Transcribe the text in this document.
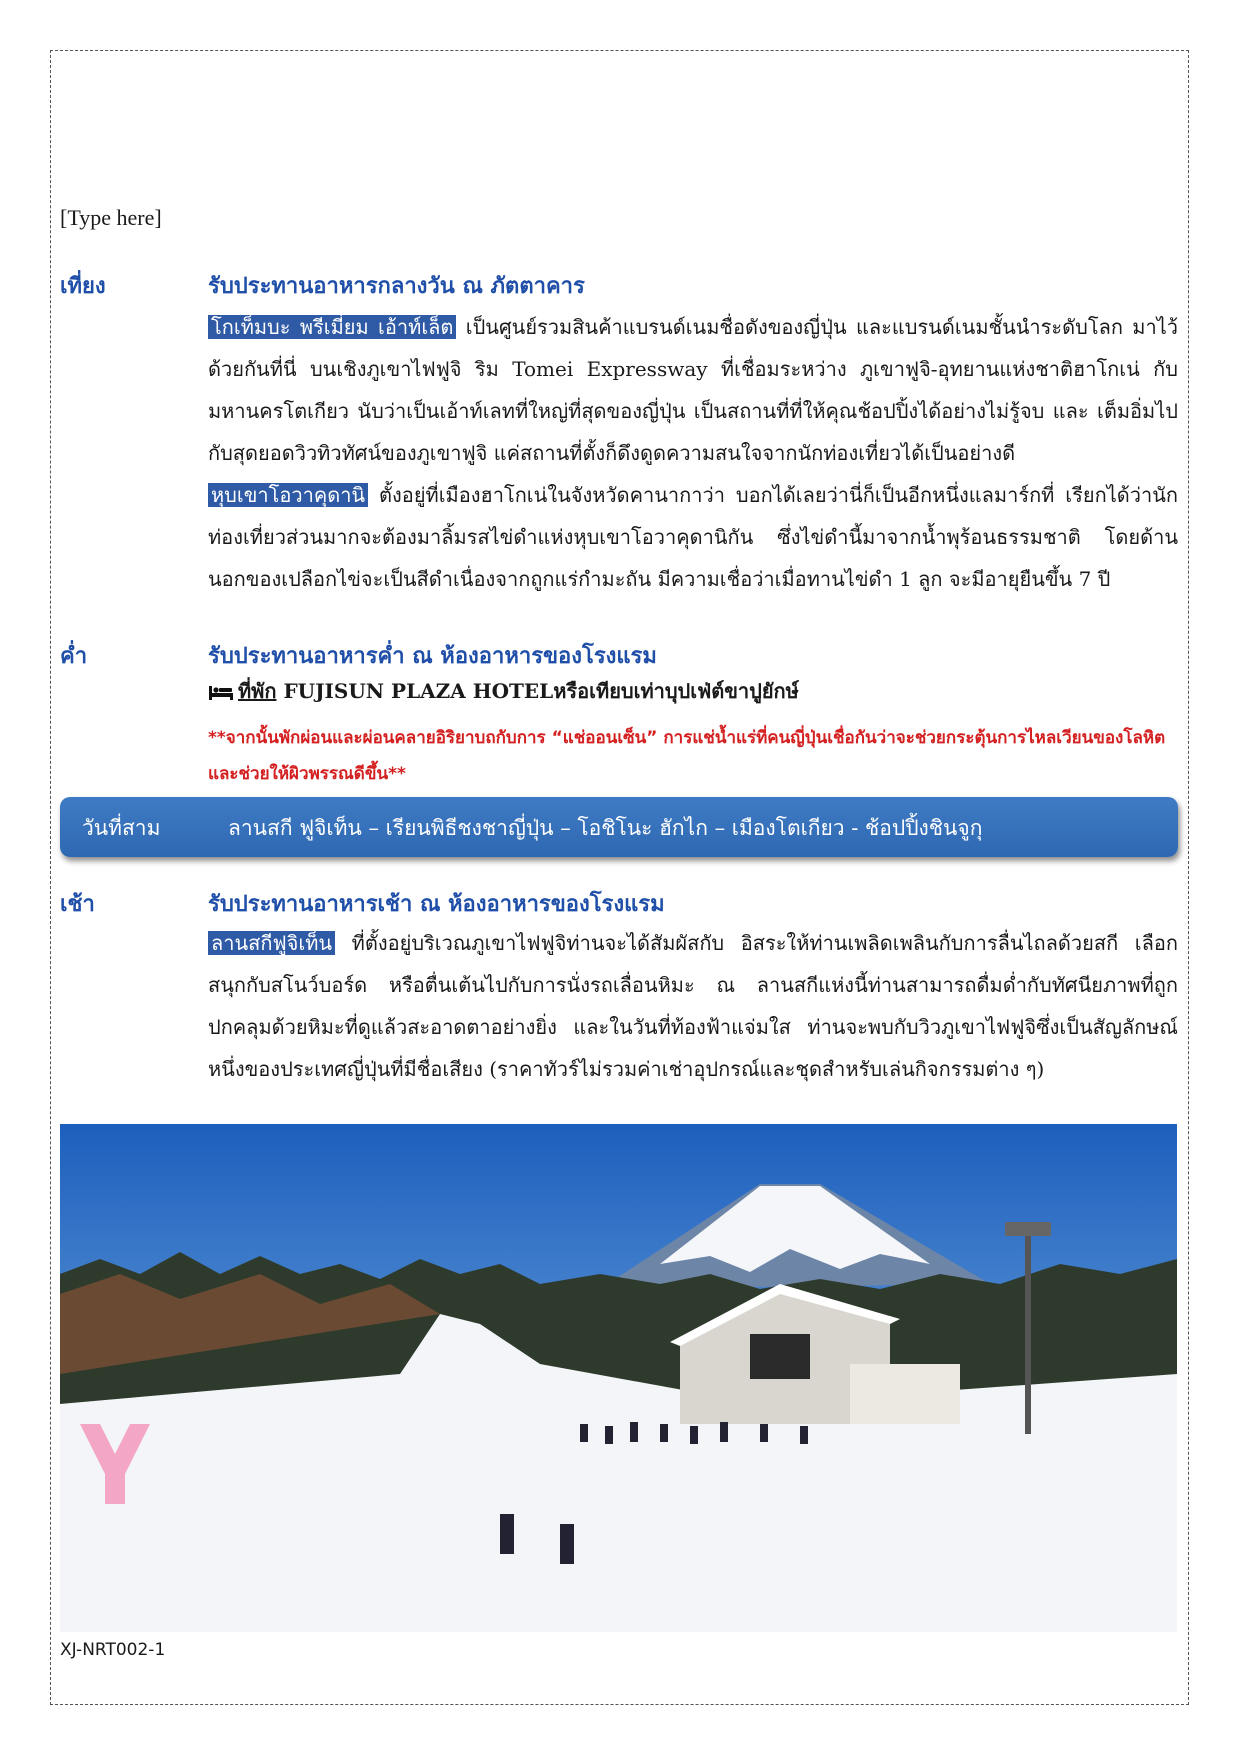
[Type here]
เที่ยง	รับประทานอาหารกลางวัน ณ ภัตตาคาร
โกเท็มบะ พรีเมี่ยม เอ้าท์เล็ต เป็นศูนย์รวมสินค้าแบรนด์เนมชื่อดังของญี่ปุ่น และแบรนด์เนมชั้นนำระดับโลก มาไว้ด้วยกันที่นี่ บนเชิงภูเขาไฟฟูจิ ริม Tomei Expressway ที่เชื่อมระหว่าง ภูเขาฟูจิ-อุทยานแห่งชาติฮาโกเน่ กับมหานครโตเกียว นับว่าเป็นเอ้าท์เลทที่ใหญ่ที่สุดของญี่ปุ่น เป็นสถานที่ที่ให้คุณช้อปปิ้งได้อย่างไม่รู้จบ และ เต็มอิ่มไปกับสุดยอดวิวทิวทัศน์ของภูเขาฟูจิ แค่สถานที่ตั้งก็ดึงดูดความสนใจจากนักท่องเที่ยวได้เป็นอย่างดี
หุบเขาโอวาคุดานิ ตั้งอยู่ที่เมืองฮาโกเน่ในจังหวัดคานากาว่า บอกได้เลยว่านี่ก็เป็นอีกหนึ่งแลมาร์กที่ เรียกได้ว่านักท่องเที่ยวส่วนมากจะต้องมาลิ้มรสไข่ดำแห่งหุบเขาโอวาคุดานิกัน ซึ่งไข่ดำนี้มาจากน้ำพุร้อนธรรมชาติ โดยด้านนอกของเปลือกไข่จะเป็นสีดำเนื่องจากถูกแร่กำมะถัน มีความเชื่อว่าเมื่อทานไข่ดำ 1 ลูก จะมีอายุยืนขึ้น 7 ปี
ค่ำ	รับประทานอาหารค่ำ ณ ห้องอาหารของโรงแรม
ที่พัก FUJISUN PLAZA HOTELหรือเทียบเท่าบุปเฟ่ต์ขาปูยักษ์
**จากนั้นพักผ่อนและผ่อนคลายอิริยาบถกับการ “แช่ออนเซ็น” การแช่น้ำแร่ที่คนญี่ปุ่นเชื่อกันว่าจะช่วยกระตุ้นการไหลเวียนของโลหิตและช่วยให้ผิวพรรณดีขึ้น**
วันที่สาม	ลานสกี ฟูจิเท็น – เรียนพิธีชงชาญี่ปุ่น – โอชิโนะ ฮักไก – เมืองโตเกียว - ช้อปปิ้งชินจูกุ
เช้า	รับประทานอาหารเช้า ณ ห้องอาหารของโรงแรม
ลานสกีฟูจิเท็น ที่ตั้งอยู่บริเวณภูเขาไฟฟูจิท่านจะได้สัมผัสกับ อิสระให้ท่านเพลิดเพลินกับการลื่นไถลด้วยสกี เลือกสนุกกับสโนว์บอร์ด หรือตื่นเต้นไปกับการนั่งรถเลื่อนหิมะ ณ ลานสกีแห่งนี้ท่านสามารถดื่มด่ำกับทัศนียภาพที่ถูกปกคลุมด้วยหิมะที่ดูแล้วสะอาดตาอย่างยิ่ง และในวันที่ท้องฟ้าแจ่มใส ท่านจะพบกับวิวภูเขาไฟฟูจิซึ่งเป็นสัญลักษณ์หนึ่งของประเทศญี่ปุ่นที่มีชื่อเสียง (ราคาทัวร์ไม่รวมค่าเช่าอุปกรณ์และชุดสำหรับเล่นกิจกรรมต่าง ๆ)
XJ-NRT002-1
